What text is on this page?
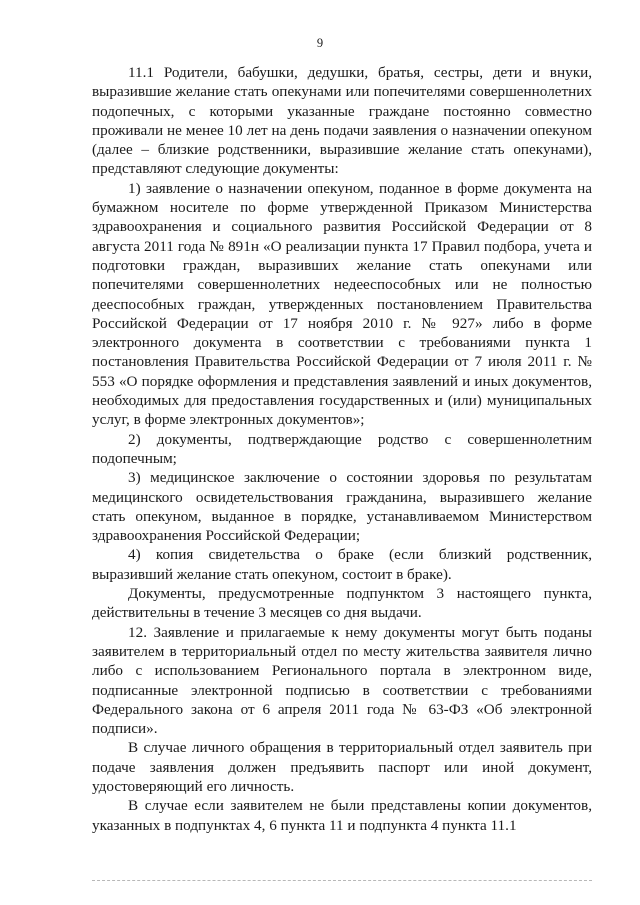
9

11.1 Родители, бабушки, дедушки, братья, сестры, дети и внуки, выразившие желание стать опекунами или попечителями совершеннолетних подопечных, с которыми указанные граждане постоянно совместно проживали не менее 10 лет на день подачи заявления о назначении опекуном (далее – близкие родственники, выразившие желание стать опекунами), представляют следующие документы:

1) заявление о назначении опекуном, поданное в форме документа на бумажном носителе по форме утвержденной Приказом Министерства здравоохранения и социального развития Российской Федерации от 8 августа 2011 года № 891н «О реализации пункта 17 Правил подбора, учета и подготовки граждан, выразивших желание стать опекунами или попечителями совершеннолетних недееспособных или не полностью дееспособных граждан, утвержденных постановлением Правительства Российской Федерации от 17 ноября 2010 г. № 927» либо в форме электронного документа в соответствии с требованиями пункта 1 постановления Правительства Российской Федерации от 7 июля 2011 г. № 553 «О порядке оформления и представления заявлений и иных документов, необходимых для предоставления государственных и (или) муниципальных услуг, в форме электронных документов»;

2) документы, подтверждающие родство с совершеннолетним подопечным;

3) медицинское заключение о состоянии здоровья по результатам медицинского освидетельствования гражданина, выразившего желание стать опекуном, выданное в порядке, устанавливаемом Министерством здравоохранения Российской Федерации;

4) копия свидетельства о браке (если близкий родственник, выразивший желание стать опекуном, состоит в браке).

Документы, предусмотренные подпунктом 3 настоящего пункта, действительны в течение 3 месяцев со дня выдачи.

12. Заявление и прилагаемые к нему документы могут быть поданы заявителем в территориальный отдел по месту жительства заявителя лично либо с использованием Регионального портала в электронном виде, подписанные электронной подписью в соответствии с требованиями Федерального закона от 6 апреля 2011 года № 63-ФЗ «Об электронной подписи».

В случае личного обращения в территориальный отдел заявитель при подаче заявления должен предъявить паспорт или иной документ, удостоверяющий его личность.

В случае если заявителем не были представлены копии документов, указанных в подпунктах 4, 6 пункта 11 и подпункта 4 пункта 11.1
